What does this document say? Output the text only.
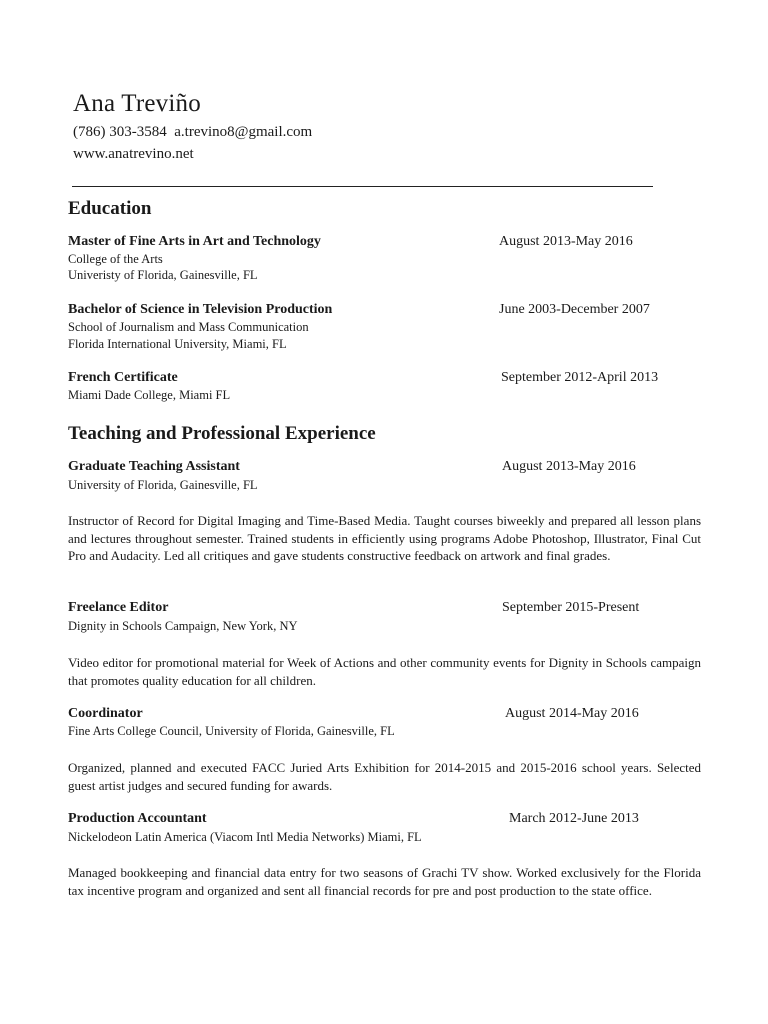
Ana Treviño
(786) 303-3584 a.trevino8@gmail.com
www.anatrevino.net
Education
Master of Fine Arts in Art and Technology	August 2013-May 2016
College of the Arts
Univeristy of Florida, Gainesville, FL
Bachelor of Science in Television Production	June 2003-December 2007
School of Journalism and Mass Communication
Florida International University, Miami, FL
French Certificate	September 2012-April 2013
Miami Dade College, Miami FL
Teaching and Professional Experience
Graduate Teaching Assistant	August 2013-May 2016
University of Florida, Gainesville, FL
Instructor of Record for Digital Imaging and Time-Based Media. Taught courses biweekly and prepared all lesson plans and lectures throughout semester. Trained students in efficiently using programs Adobe Photoshop, Illustrator, Final Cut Pro and Audacity. Led all critiques and gave students constructive feedback on artwork and final grades.
Freelance Editor	September 2015-Present
Dignity in Schools Campaign, New York, NY
Video editor for promotional material for Week of Actions and other community events for Dignity in Schools campaign that promotes quality education for all children.
Coordinator	August 2014-May 2016
Fine Arts College Council, University of Florida, Gainesville, FL
Organized, planned and executed FACC Juried Arts Exhibition for 2014-2015 and 2015-2016 school years. Selected guest artist judges and secured funding for awards.
Production Accountant	March 2012-June 2013
Nickelodeon Latin America (Viacom Intl Media Networks) Miami, FL
Managed bookkeeping and financial data entry for two seasons of Grachi TV show. Worked exclusively for the Florida tax incentive program and organized and sent all financial records for pre and post production to the state office.
